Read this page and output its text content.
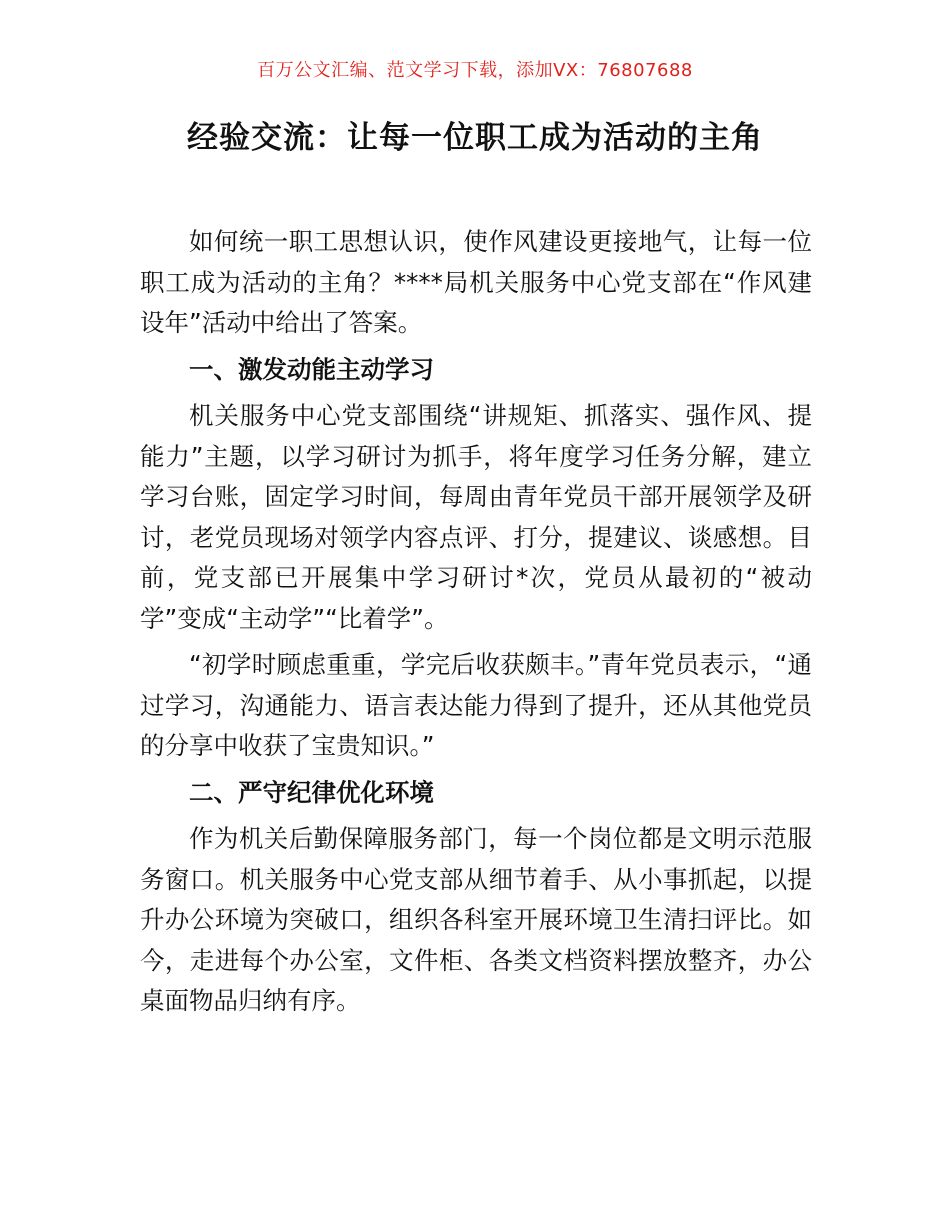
百万公文汇编、范文学习下载，添加VX：76807688
经验交流：让每一位职工成为活动的主角

如何统一职工思想认识，使作风建设更接地气，让每一位职工成为活动的主角？****局机关服务中心党支部在“作风建设年”活动中给出了答案。

一、激发动能主动学习

机关服务中心党支部围绕“讲规矩、抓落实、强作风、提能力”主题，以学习研讨为抓手，将年度学习任务分解，建立学习台账，固定学习时间，每周由青年党员干部开展领学及研讨，老党员现场对领学内容点评、打分，提建议、谈感想。目前，党支部已开展集中学习研讨*次，党员从最初的“被动学”变成“主动学”“比着学”。

“初学时顾虑重重，学完后收获颇丰。”青年党员表示，“通过学习，沟通能力、语言表达能力得到了提升，还从其他党员的分享中收获了宝贵知识。”

二、严守纪律优化环境

作为机关后勤保障服务部门，每一个岗位都是文明示范服务窗口。机关服务中心党支部从细节着手、从小事抓起，以提升办公环境为突破口，组织各科室开展环境卫生清扫评比。如今，走进每个办公室，文件柜、各类文档资料摆放整齐，办公桌面物品归纳有序。
